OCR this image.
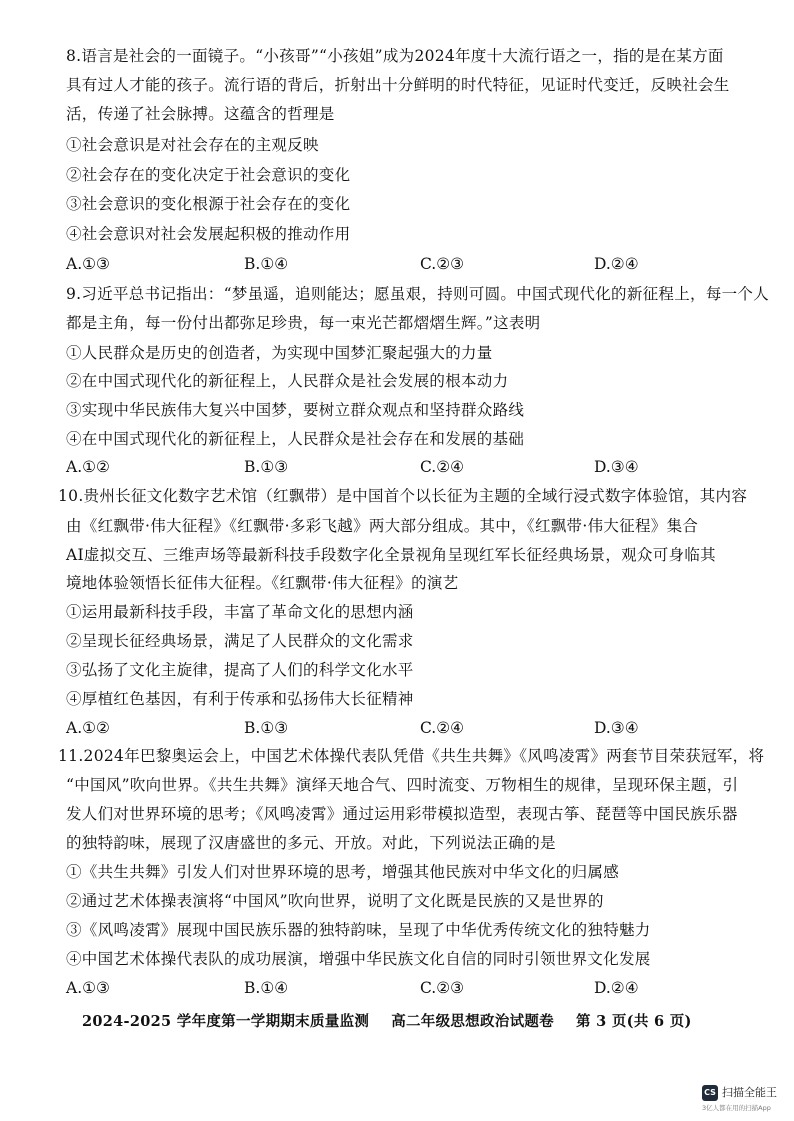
8.语言是社会的一面镜子。“小孩哥”“小孩姐”成为2024年度十大流行语之一，指的是在某方面
具有过人才能的孩子。流行语的背后，折射出十分鲜明的时代特征，见证时代变迁，反映社会生
活，传递了社会脉搏。这蕴含的哲理是
①社会意识是对社会存在的主观反映
②社会存在的变化决定于社会意识的变化
③社会意识的变化根源于社会存在的变化
④社会意识对社会发展起积极的推动作用
A.①③	B.①④	C.②③	D.②④
9.习近平总书记指出：“梦虽遥，追则能达；愿虽艰，持则可圆。中国式现代化的新征程上，每一个人
都是主角，每一份付出都弥足珍贵，每一束光芒都熠熠生辉。”这表明
①人民群众是历史的创造者，为实现中国梦汇聚起强大的力量
②在中国式现代化的新征程上，人民群众是社会发展的根本动力
③实现中华民族伟大复兴中国梦，要树立群众观点和坚持群众路线
④在中国式现代化的新征程上，人民群众是社会存在和发展的基础
A.①②	B.①③	C.②④	D.③④
10.贵州长征文化数字艺术馆（红飘带）是中国首个以长征为主题的全域行浸式数字体验馆，其内容
由《红飘带·伟大征程》《红飘带·多彩飞越》两大部分组成。其中，《红飘带·伟大征程》集合
AI虚拟交互、三维声场等最新科技手段数字化全景视角呈现红军长征经典场景，观众可身临其
境地体验领悟长征伟大征程。《红飘带·伟大征程》的演艺
①运用最新科技手段，丰富了革命文化的思想内涵
②呈现长征经典场景，满足了人民群众的文化需求
③弘扬了文化主旋律，提高了人们的科学文化水平
④厚植红色基因，有利于传承和弘扬伟大长征精神
A.①②	B.①③	C.②④	D.③④
11.2024年巴黎奥运会上，中国艺术体操代表队凭借《共生共舞》《风鸣凌霄》两套节目荣获冠军，将
“中国风”吹向世界。《共生共舞》演绎天地合气、四时流变、万物相生的规律，呈现环保主题，引
发人们对世界环境的思考；《风鸣凌霄》通过运用彩带模拟造型，表现古筝、琵琶等中国民族乐器
的独特韵味，展现了汉唐盛世的多元、开放。对此，下列说法正确的是
①《共生共舞》引发人们对世界环境的思考，增强其他民族对中华文化的归属感
②通过艺术体操表演将“中国风”吹向世界，说明了文化既是民族的又是世界的
③《风鸣凌霄》展现中国民族乐器的独特韵味，呈现了中华优秀传统文化的独特魅力
④中国艺术体操代表队的成功展演，增强中华民族文化自信的同时引领世界文化发展
A.①③	B.①④	C.②③	D.②④
2024-2025 学年度第一学期期末质量监测 高二年级思想政治试题卷 第 3 页(共 6 页)
CS 扫描全能王
3亿人都在用的扫描App
